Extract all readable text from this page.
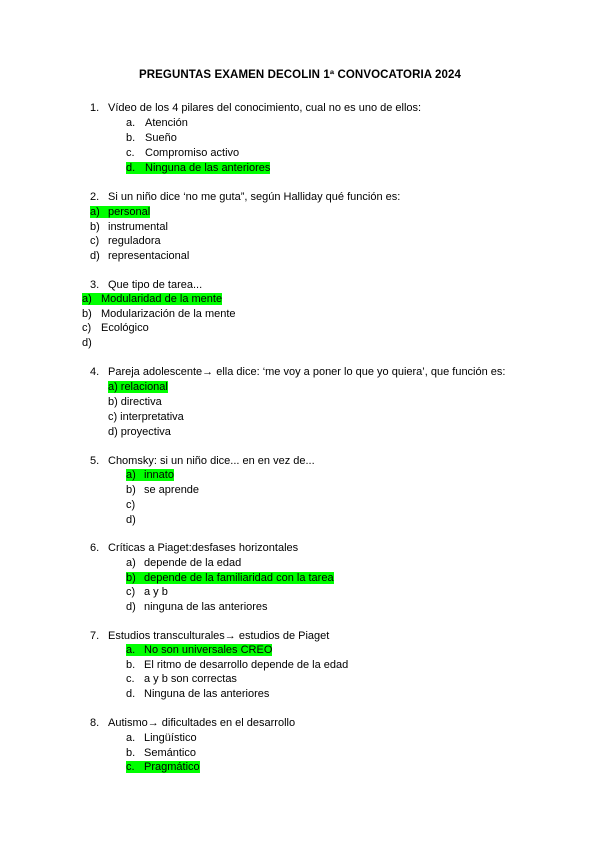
PREGUNTAS EXAMEN DECOLIN 1ª CONVOCATORIA 2024
1. Vídeo de los 4 pilares del conocimiento, cual no es uno de ellos:
a. Atención
b. Sueño
c. Compromiso activo
d. Ninguna de las anteriores
2. Si un niño dice ‘no me guta”, según Halliday qué función es:
a) personal
b) instrumental
c) reguladora
d) representacional
3. Que tipo de tarea...
a) Modularidad de la mente
b) Modularización de la mente
c) Ecológico
d)
4. Pareja adolescente→ ella dice: ‘me voy a poner lo que yo quiera’, que función es:
a) relacional
b) directiva
c) interpretativa
d) proyectiva
5. Chomsky: si un niño dice... en en vez de...
a) innato
b) se aprende
c)
d)
6. Críticas a Piaget:desfases horizontales
a) depende de la edad
b) depende de la familiaridad con la tarea
c) a y b
d) ninguna de las anteriores
7. Estudios transculturales→ estudios de Piaget
a. No son universales CREO
b. El ritmo de desarrollo depende de la edad
c. a y b son correctas
d. Ninguna de las anteriores
8. Autismo→ dificultades en el desarrollo
a. Lingüístico
b. Semántico
c. Pragmático
